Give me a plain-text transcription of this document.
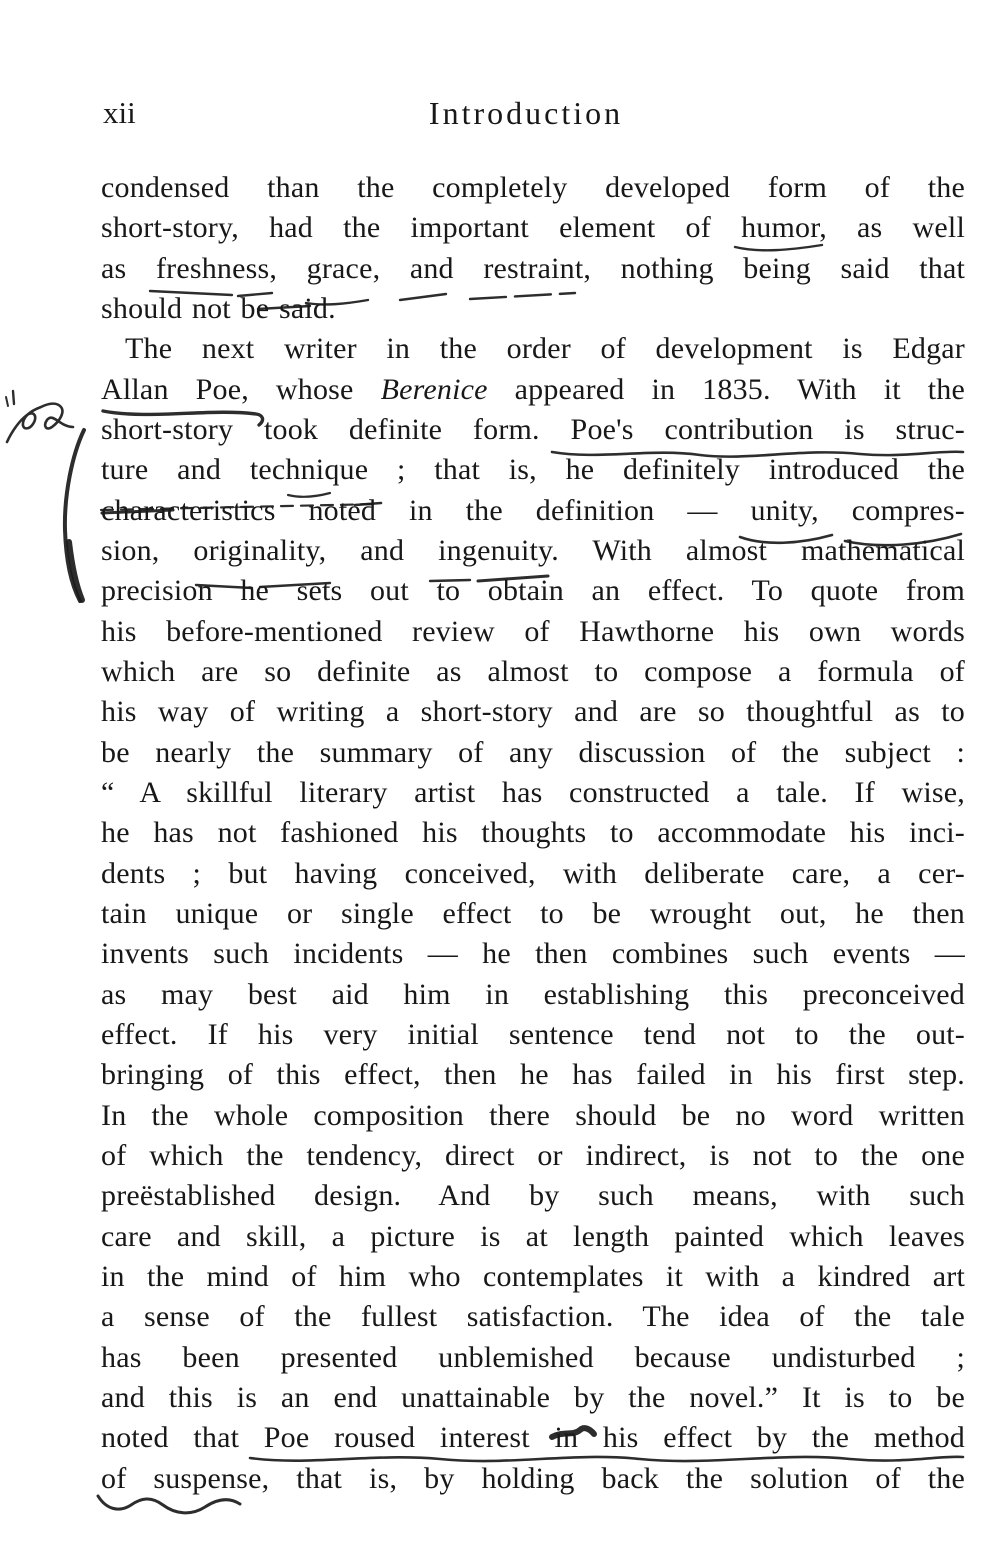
xii	Introduction
condensed than the completely developed form of the
short-story, had the important element of humor, as well
as freshness, grace, and restraint, nothing being said that
should not be said.
The next writer in the order of development is Edgar
Allan Poe, whose Berenice appeared in 1835. With it the
short-story took definite form. Poe's contribution is struc-
ture and technique ; that is, he definitely introduced the
characteristics noted in the definition — unity, compres-
sion, originality, and ingenuity. With almost mathematical
precision he sets out to obtain an effect. To quote from
his before-mentioned review of Hawthorne his own words
which are so definite as almost to compose a formula of
his way of writing a short-story and are so thoughtful as to
be nearly the summary of any discussion of the subject :
“ A skillful literary artist has constructed a tale. If wise,
he has not fashioned his thoughts to accommodate his inci-
dents ; but having conceived, with deliberate care, a cer-
tain unique or single effect to be wrought out, he then
invents such incidents — he then combines such events —
as may best aid him in establishing this preconceived
effect. If his very initial sentence tend not to the out-
bringing of this effect, then he has failed in his first step.
In the whole composition there should be no word written
of which the tendency, direct or indirect, is not to the one
preëstablished design. And by such means, with such
care and skill, a picture is at length painted which leaves
in the mind of him who contemplates it with a kindred art
a sense of the fullest satisfaction. The idea of the tale
has been presented unblemished because undisturbed ;
and this is an end unattainable by the novel.” It is to be
noted that Poe roused interest in his effect by the method
of suspense, that is, by holding back the solution of the
